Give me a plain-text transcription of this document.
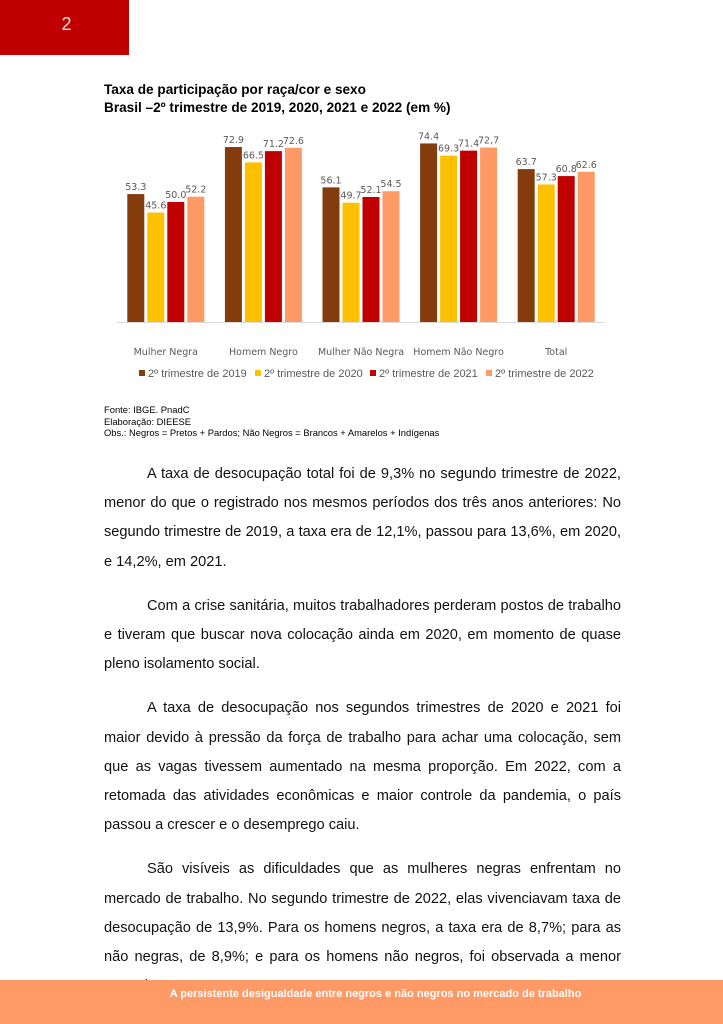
2
Taxa de participação por raça/cor e sexo
Brasil –2º trimestre de 2019, 2020, 2021 e 2022 (em %)
53.3
45.6
50.0
52.2
Mulher Negra
72.9
66.5
71.2
72.6
Homem Negro
56.1
49.7
52.1
54.5
Mulher Não Negra
74.4
69.3
71.4
72,7
Homem Não Negro
63.7
57.3
60.8
62.6
Total
2º trimestre de 2019 2º trimestre de 2020 2º trimestre de 2021 2º trimestre de 2022
Fonte: IBGE. PnadC
Elaboração: DIEESE
Obs.: Negros = Pretos + Pardos; Não Negros = Brancos + Amarelos + Indígenas

A taxa de desocupação total foi de 9,3% no segundo trimestre de 2022, menor do que o registrado nos mesmos períodos dos três anos anteriores: No segundo trimestre de 2019, a taxa era de 12,1%, passou para 13,6%, em 2020, e 14,2%, em 2021.

Com a crise sanitária, muitos trabalhadores perderam postos de trabalho e tiveram que buscar nova colocação ainda em 2020, em momento de quase pleno isolamento social.

A taxa de desocupação nos segundos trimestres de 2020 e 2021 foi maior devido à pressão da força de trabalho para achar uma colocação, sem que as vagas tivessem aumentado na mesma proporção. Em 2022, com a retomada das atividades econômicas e maior controle da pandemia, o país passou a crescer e o desemprego caiu.

São visíveis as dificuldades que as mulheres negras enfrentam no mercado de trabalho. No segundo trimestre de 2022, elas vivenciavam taxa de desocupação de 13,9%. Para os homens negros, a taxa era de 8,7%; para as não negras, de 8,9%; e para os homens não negros, foi observada a menor

A persistente desigualdade entre negros e não negros no mercado de trabalho
